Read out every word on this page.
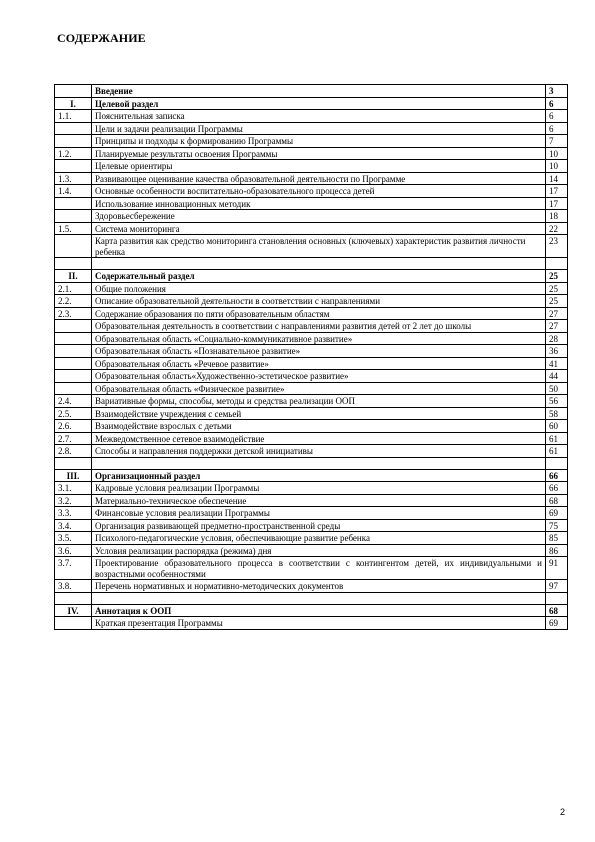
СОДЕРЖАНИЕ
	Введение	3
I.	Целевой раздел	6
1.1.	Пояснительная записка	6
	Цели и задачи реализации Программы	6
	Принципы и подходы к формированию Программы	7
1.2.	Планируемые результаты освоения Программы	10
	Целевые ориентиры	10
1.3.	Развивающее оценивание качества образовательной деятельности по Программе	14
1.4.	Основные особенности воспитательно-образовательного процесса детей	17
	Использование инновационных методик	17
	Здоровьесбережение	18
1.5.	Система мониторинга	22
	Карта развития как средство мониторинга становления основных (ключевых) характеристик развития личности ребенка	23

II.	Содержательный раздел	25
2.1.	Общие положения	25
2.2.	Описание образовательной деятельности в соответствии с направлениями	25
2.3.	Содержание образования по пяти образовательным областям	27
	Образовательная деятельность в соответствии с направлениями развития детей от 2 лет до школы	27
	Образовательная область «Социально-коммуникативное развитие»	28
	Образовательная область «Познавательное развитие»	36
	Образовательная область «Речевое развитие»	41
	Образовательная область«Художественно-эстетическое развитие»	44
	Образовательная область «Физическое развитие»	50
2.4.	Вариативные формы, способы, методы и средства реализации ООП	56
2.5.	Взаимодействие учреждения с семьей	58
2.6.	Взаимодействие взрослых с детьми	60
2.7.	Межведомственное сетевое взаимодействие	61
2.8.	Способы и направления поддержки детской инициативы	61

III.	Организационный раздел	66
3.1.	Кадровые условия реализации Программы	66
3.2.	Материально-техническое обеспечение	68
3.3.	Финансовые условия реализации Программы	69
3.4.	Организация развивающей предметно-пространственной среды	75
3.5.	Психолого-педагогические условия, обеспечивающие развитие ребенка	85
3.6.	Условия реализации распорядка (режима) дня	86
3.7.	Проектирование образовательного процесса в соответствии с контингентом детей, их индивидуальными и возрастными особенностями	91
3.8.	Перечень нормативных и нормативно-методических документов	97

IV.	Аннотация к ООП	68
	Краткая презентация Программы	69
2
